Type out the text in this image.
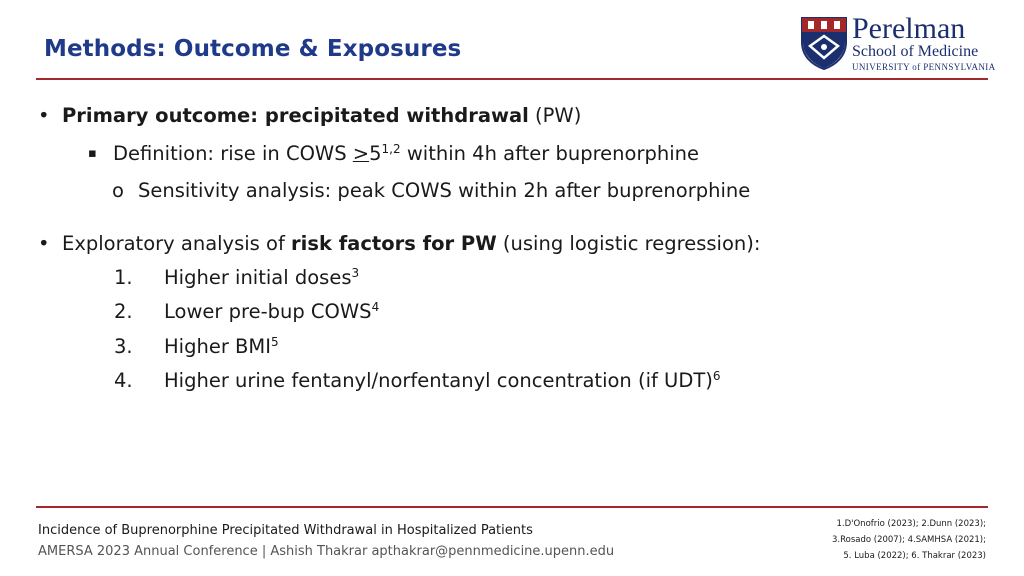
Methods: Outcome & Exposures
Perelman
School of Medicine
UNIVERSITY of PENNSYLVANIA
• Primary outcome: precipitated withdrawal (PW)
▪ Definition: rise in COWS $>5^{1,2}$ within 4h after buprenorphine
o Sensitivity analysis: peak COWS within 2h after buprenorphine
• Exploratory analysis of risk factors for PW (using logistic regression):
1. Higher initial doses$^3$
2. Lower pre-bup COWS$^4$
3. Higher BMI$^5$
4. Higher urine fentanyl/norfentanyl concentration (if UDT)$^6$
Incidence of Buprenorphine Precipitated Withdrawal in Hospitalized Patients
AMERSA 2023 Annual Conference | Ashish Thakrar apthakrar@pennmedicine.upenn.edu
1.D'Onofrio (2023); 2.Dunn (2023);
3.Rosado (2007); 4.SAMHSA (2021);
5. Luba (2022); 6. Thakrar (2023)
